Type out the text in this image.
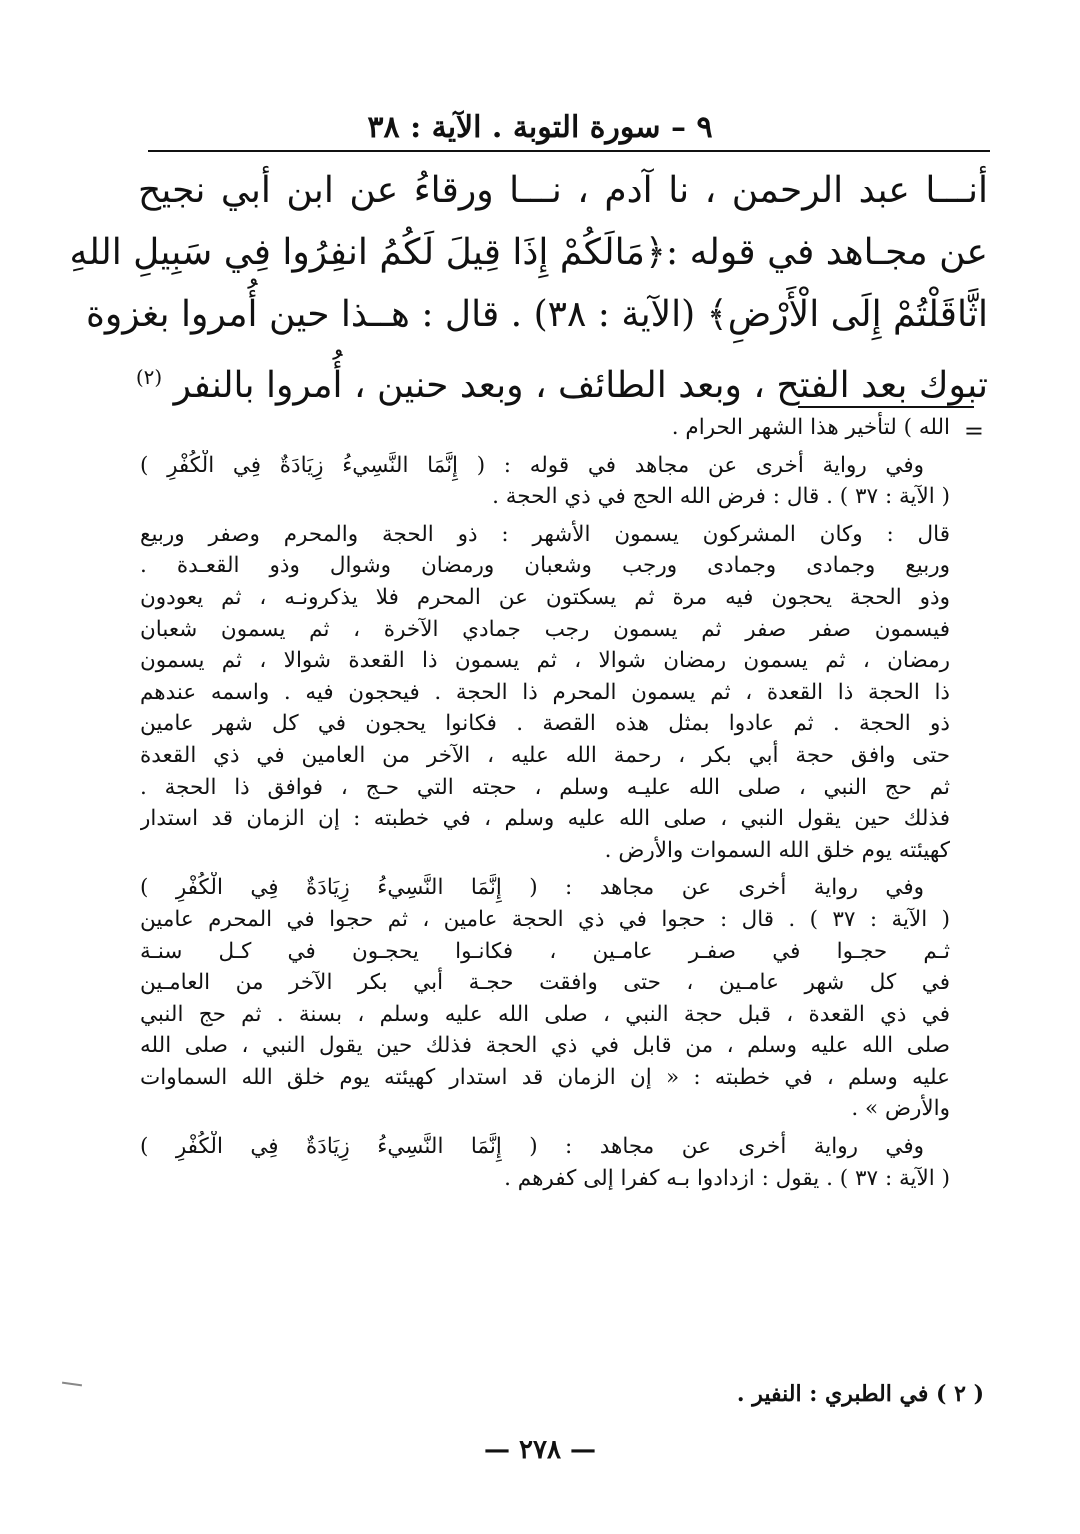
٩ – سورة التوبة . الآية : ٣٨
أنـــا عبد الرحمن ، نا آدم ، نـــا ورقاءُ عن ابن أبي نجيح
عن مجـاهد في قوله :﴿مَالَكُمْ إِذَا قِيلَ لَكُمُ انفِرُوا فِي سَبِيلِ اللهِ
اثَّاقَلْتُمْ إِلَى الْأَرْضِ﴾ (الآية : ٣٨) . قال : هــذا حين أُمروا بغزوة
تبوك بعد الفتح ، وبعد الطائف ، وبعد حنين ، أُمروا بالنفر $^{(٢)}$
=
الله ) لتأخير هذا الشهر الحرام .
وفي رواية أخرى عن مجاهد في قوله : ( إِنَّمَا النَّسِيءُ زِيَادَةٌ فِي الْكُفْرِ )
( الآية : ٣٧ ) . قال : فرض الله الحج في ذي الحجة .
قال : وكان المشركون يسمون الأشهر : ذو الحجة والمحرم وصفر وربيع
وربيع وجمادى وجمادى ورجب وشعبان ورمضان وشوال وذو القعـدة .
وذو الحجة يحجون فيه مرة ثم يسكتون عن المحرم فلا يذكرونـه ، ثم يعودون
فيسمون صفر صفر ثم يسمون رجب جمادي الآخرة ، ثم يسمون شعبان
رمضان ، ثم يسمون رمضان شوالا ، ثم يسمون ذا القعدة شوالا ، ثم يسمون
ذا الحجة ذا القعدة ، ثم يسمون المحرم ذا الحجة . فيحجون فيه . واسمه عندهم
ذو الحجة . ثم عادوا بمثل هذه القصة . فكانوا يحجون في كل شهر عامين
حتى وافق حجة أبي بكر ، رحمة الله عليه ، الآخر من العامين في ذي القعدة
ثم حج النبي ، صلى الله عليـه وسلم ، حجته التي حـج ، فوافق ذا الحجة .
فذلك حين يقول النبي ، صلى الله عليه وسلم ، في خطبته : إن الزمان قد استدار
كهيئته يوم خلق الله السموات والأرض .
وفي رواية أخرى عن مجاهد : ( إِنَّمَا النَّسِيءُ زِيَادَةٌ فِي الْكُفْرِ )
( الآية : ٣٧ ) . قال : حجوا في ذي الحجة عامين ، ثم حجوا في المحرم عامين
ثـم حجـوا في صفـر عامـين ، فكانـوا يحجـون في كـل سنـة
في كل شهر عامـين ، حتى وافقت حجـة أبي بكر الآخر من العامـين
في ذي القعدة ، قبل حجة النبي ، صلى الله عليه وسلم ، بسنة . ثم حج النبي
صلى الله عليه وسلم ، من قابل في ذي الحجة فذلك حين يقول النبي ، صلى الله
عليه وسلم ، في خطبته : « إن الزمان قد استدار كهيئته يوم خلق الله السماوات
والأرض » .
وفي رواية أخرى عن مجاهد : ( إِنَّمَا النَّسِيءُ زِيَادَةٌ فِي الْكُفْرِ )
( الآية : ٣٧ ) . يقول : ازدادوا بـه كفرا إلى كفرهم .
( ٢ ) في الطبري : النفير .
— ٢٧٨ —
